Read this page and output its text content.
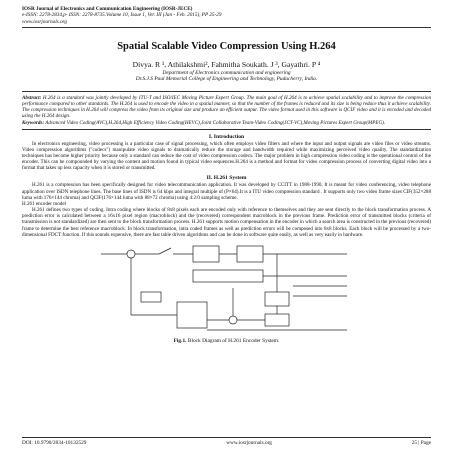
IOSR Journal of Electronics and Communication Engineering (IOSR-JECE)
e-ISSN: 2278-2834,p- ISSN: 2278-8735.Volume 10, Issue 1, Ver. III (Jan - Feb. 2015), PP 25-29
www.iosrjournals.org
Spatial Scalable Video Compression Using H.264
Divya. R ¹, Athilakshmi², Fahmitha Soukath. J ³, Gayathri. P ⁴
Department of Electronics communication and engineering
Dr.S.J.S Paul Memorial College of Engineering and Technology, Puducherry, India.
Abstract: H.264 is a standard was jointly developed by ITU-T and ISO/IEC Moving Picture Expert Group. The main goal of H.264 is to achieve spatial scalability and to improve the compression performance compared to other standards. The H.264 is used to encode the video in a spatial manner, so that the number of the frames is reduced and its size is being reduce thus it achieve scalability. The compression techniques in H.264 will compress the video from its original size and produce an efficient output. The video format used in this software is QCIF video and it is encoded and decoded using the H.264 design.
Keywords: Advanced Video Coding(AVC),H.264,High Efficiency Video Coding(HEVC),Joint Collaborative Team-Video Coding(JCT-VC),Moving Pictures Expert Group(MPEG).
I. Introduction

In electronics engineering, video processing is a particular case of signal processing, which often employs video filters and where the input and output signals are video files or video streams. Video compression algorithms ("codecs") manipulate video signals to dramatically reduce the storage and bandwidth required while maximizing perceived video quality. The standardization techniques has become higher priority because only a standard can reduce the cost of video compression codecs. The major problem in high compression video coding is the operational control of the encoder. This can be compounded by varying the content and motion found in typical video sequences.H.264 is a method and format for video compression process of converting digital video into a format that takes up less capacity when it is stored or transmitted.

II. H.261 System

H.261 is a compression has been specifically designed for video telecommunication application. It was developed by CCITT in 1988-1990. It is meant for video conferencing, video telephone application over ISDN telephone lines. The base lines of ISDN is 64 kbps and integral multiple of (P×64).It is a ITU video compression standard . It supports only two video frame sizes CIF(352×288 luma with 176×144 chroma) and QCIF(176×144 luma with 88×72 chroma) using 4:2:0 sampling scheme.

H.261 encoder model

H.261 defines two types of coding. Intra coding where blocks of 8x8 pixels each are encoded only with reference to themselves and they are sent directly to the block transformation process. A prediction error is calculated between a 16x16 pixel region (macroblock) and the (recovered) correspondent macroblock in the previous frame. Prediction error of transmitted blocks (criteria of transmission is not standardized) are then sent to the block transformation process. H.261 supports motion compensation in the encoder in which a search area is constructed in the previous (recovered) frame to determine the best reference macroblock. In block transformation, intra coded frames as well as prediction errors will be composed into 8x8 blocks. Each block will be processed by a two-dimensional FDCT function. If this sounds expensive, there are fast table driven algorithms and can be done in software quite easily, as well as very easily in hardware.

Fig.1. Block Diagram of H.261 Encoder System.
DOI: 10.9790/2834-10132529	www.iosrjournals.org	25 | Page
